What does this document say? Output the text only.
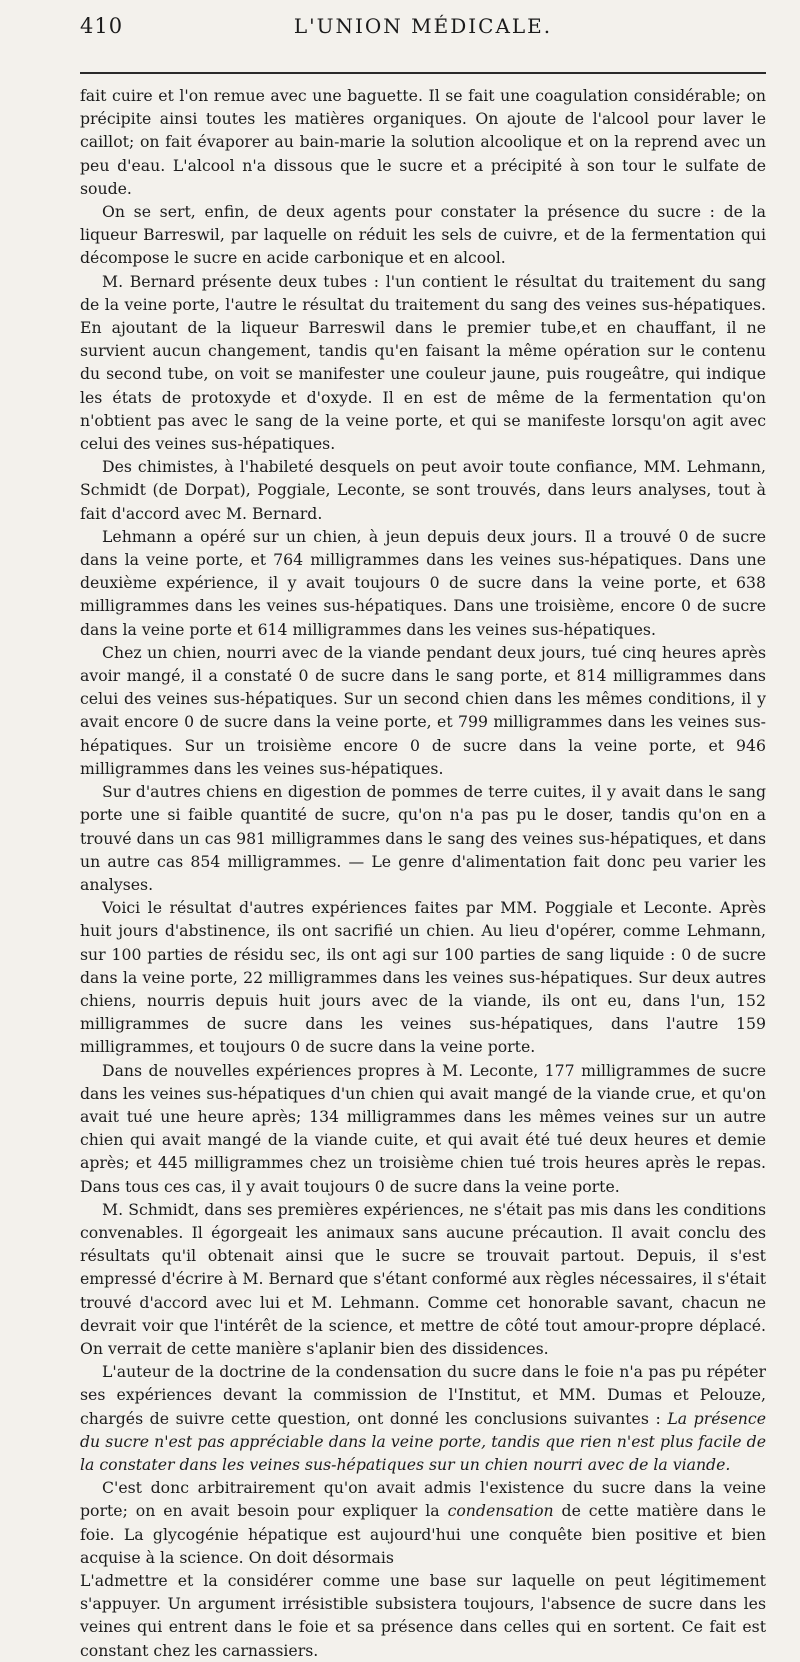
410	L'UNION MÉDICALE.

fait cuire et l'on remue avec une baguette. Il se fait une coagulation considérable; on précipite ainsi toutes les matières organiques. On ajoute de l'alcool pour laver le caillot; on fait évaporer au bain-marie la solution alcoolique et on la reprend avec un peu d'eau. L'alcool n'a dissous que le sucre et a précipité à son tour le sulfate de soude.

On se sert, enfin, de deux agents pour constater la présence du sucre : de la liqueur Barreswil, par laquelle on réduit les sels de cuivre, et de la fermentation qui décompose le sucre en acide carbonique et en alcool.

M. Bernard présente deux tubes : l'un contient le résultat du traitement du sang de la veine porte, l'autre le résultat du traitement du sang des veines sus-hépatiques. En ajoutant de la liqueur Barreswil dans le premier tube,et en chauffant, il ne survient aucun changement, tandis qu'en faisant la même opération sur le contenu du second tube, on voit se manifester une couleur jaune, puis rougeâtre, qui indique les états de protoxyde et d'oxyde. Il en est de même de la fermentation qu'on n'obtient pas avec le sang de la veine porte, et qui se manifeste lorsqu'on agit avec celui des veines sus-hépatiques.

Des chimistes, à l'habileté desquels on peut avoir toute confiance, MM. Lehmann, Schmidt (de Dorpat), Poggiale, Leconte, se sont trouvés, dans leurs analyses, tout à fait d'accord avec M. Bernard.

Lehmann a opéré sur un chien, à jeun depuis deux jours. Il a trouvé 0 de sucre dans la veine porte, et 764 milligrammes dans les veines sus-hépatiques. Dans une deuxième expérience, il y avait toujours 0 de sucre dans la veine porte, et 638 milligrammes dans les veines sus-hépatiques. Dans une troisième, encore 0 de sucre dans la veine porte et 614 milligrammes dans les veines sus-hépatiques.

Chez un chien, nourri avec de la viande pendant deux jours, tué cinq heures après avoir mangé, il a constaté 0 de sucre dans le sang porte, et 814 milligrammes dans celui des veines sus-hépatiques. Sur un second chien dans les mêmes conditions, il y avait encore 0 de sucre dans la veine porte, et 799 milligrammes dans les veines sus-hépatiques. Sur un troisième encore 0 de sucre dans la veine porte, et 946 milligrammes dans les veines sus-hépatiques.

Sur d'autres chiens en digestion de pommes de terre cuites, il y avait dans le sang porte une si faible quantité de sucre, qu'on n'a pas pu le doser, tandis qu'on en a trouvé dans un cas 981 milligrammes dans le sang des veines sus-hépatiques, et dans un autre cas 854 milligrammes. — Le genre d'alimentation fait donc peu varier les analyses.

Voici le résultat d'autres expériences faites par MM. Poggiale et Leconte. Après huit jours d'abstinence, ils ont sacrifié un chien. Au lieu d'opérer, comme Lehmann, sur 100 parties de résidu sec, ils ont agi sur 100 parties de sang liquide : 0 de sucre dans la veine porte, 22 milligrammes dans les veines sus-hépatiques. Sur deux autres chiens, nourris depuis huit jours avec de la viande, ils ont eu, dans l'un, 152 milligrammes de sucre dans les veines sus-hépatiques, dans l'autre 159 milligrammes, et toujours 0 de sucre dans la veine porte.

Dans de nouvelles expériences propres à M. Leconte, 177 milligrammes de sucre dans les veines sus-hépatiques d'un chien qui avait mangé de la viande crue, et qu'on avait tué une heure après; 134 milligrammes dans les mêmes veines sur un autre chien qui avait mangé de la viande cuite, et qui avait été tué deux heures et demie après; et 445 milligrammes chez un troisième chien tué trois heures après le repas. Dans tous ces cas, il y avait toujours 0 de sucre dans la veine porte.

M. Schmidt, dans ses premières expériences, ne s'était pas mis dans les conditions convenables. Il égorgeait les animaux sans aucune précaution. Il avait conclu des résultats qu'il obtenait ainsi que le sucre se trouvait partout. Depuis, il s'est empressé d'écrire à M. Bernard que s'étant conformé aux règles nécessaires, il s'était trouvé d'accord avec lui et M. Lehmann. Comme cet honorable savant, chacun ne devrait voir que l'intérêt de la science, et mettre de côté tout amour-propre déplacé. On verrait de cette manière s'aplanir bien des dissidences.

L'auteur de la doctrine de la condensation du sucre dans le foie n'a pas pu répéter ses expériences devant la commission de l'Institut, et MM. Dumas et Pelouze, chargés de suivre cette question, ont donné les conclusions suivantes : La présence du sucre n'est pas appréciable dans la veine porte, tandis que rien n'est plus facile de la constater dans les veines sus-hépatiques sur un chien nourri avec de la viande.

C'est donc arbitrairement qu'on avait admis l'existence du sucre dans la veine porte; on en avait besoin pour expliquer la condensation de cette matière dans le foie. La glycogénie hépatique est aujourd'hui une conquête bien positive et bien acquise à la science. On doit désormais

L'admettre et la considérer comme une base sur laquelle on peut légitimement s'appuyer. Un argument irrésistible subsistera toujours, l'absence de sucre dans les veines qui entrent dans le foie et sa présence dans celles qui en sortent. Ce fait est constant chez les carnassiers.
